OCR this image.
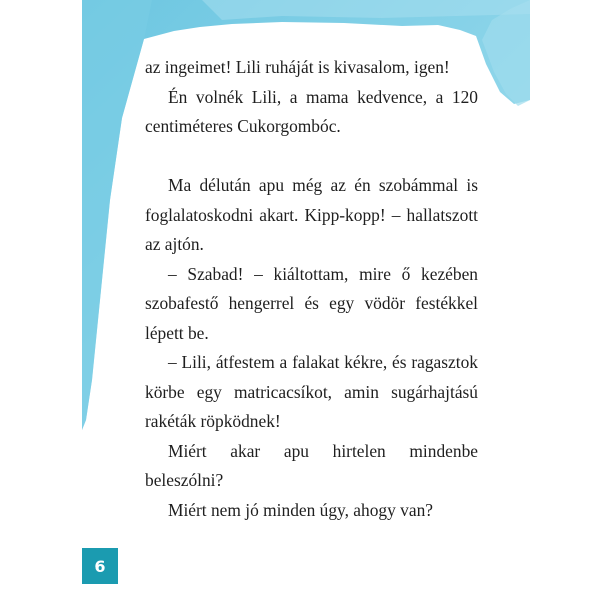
az ingeimet! Lili ruháját is kivasalom, igen!

Én volnék Lili, a mama kedvence, a 120 centiméteres Cukorgombóc.

Ma délután apu még az én szobámmal is foglalatoskodni akart. Kipp-kopp! – hallatszott az ajtón.

– Szabad! – kiáltottam, mire ő kezében szobafestő hengerrel és egy vödör festékkel lépett be.

– Lili, átfestem a falakat kékre, és ragasztok körbe egy matricacsíkot, amin sugárhajtású rakéták röpködnek!

Miért akar apu hirtelen mindenbe beleszólni?

Miért nem jó minden úgy, ahogy van?

6
